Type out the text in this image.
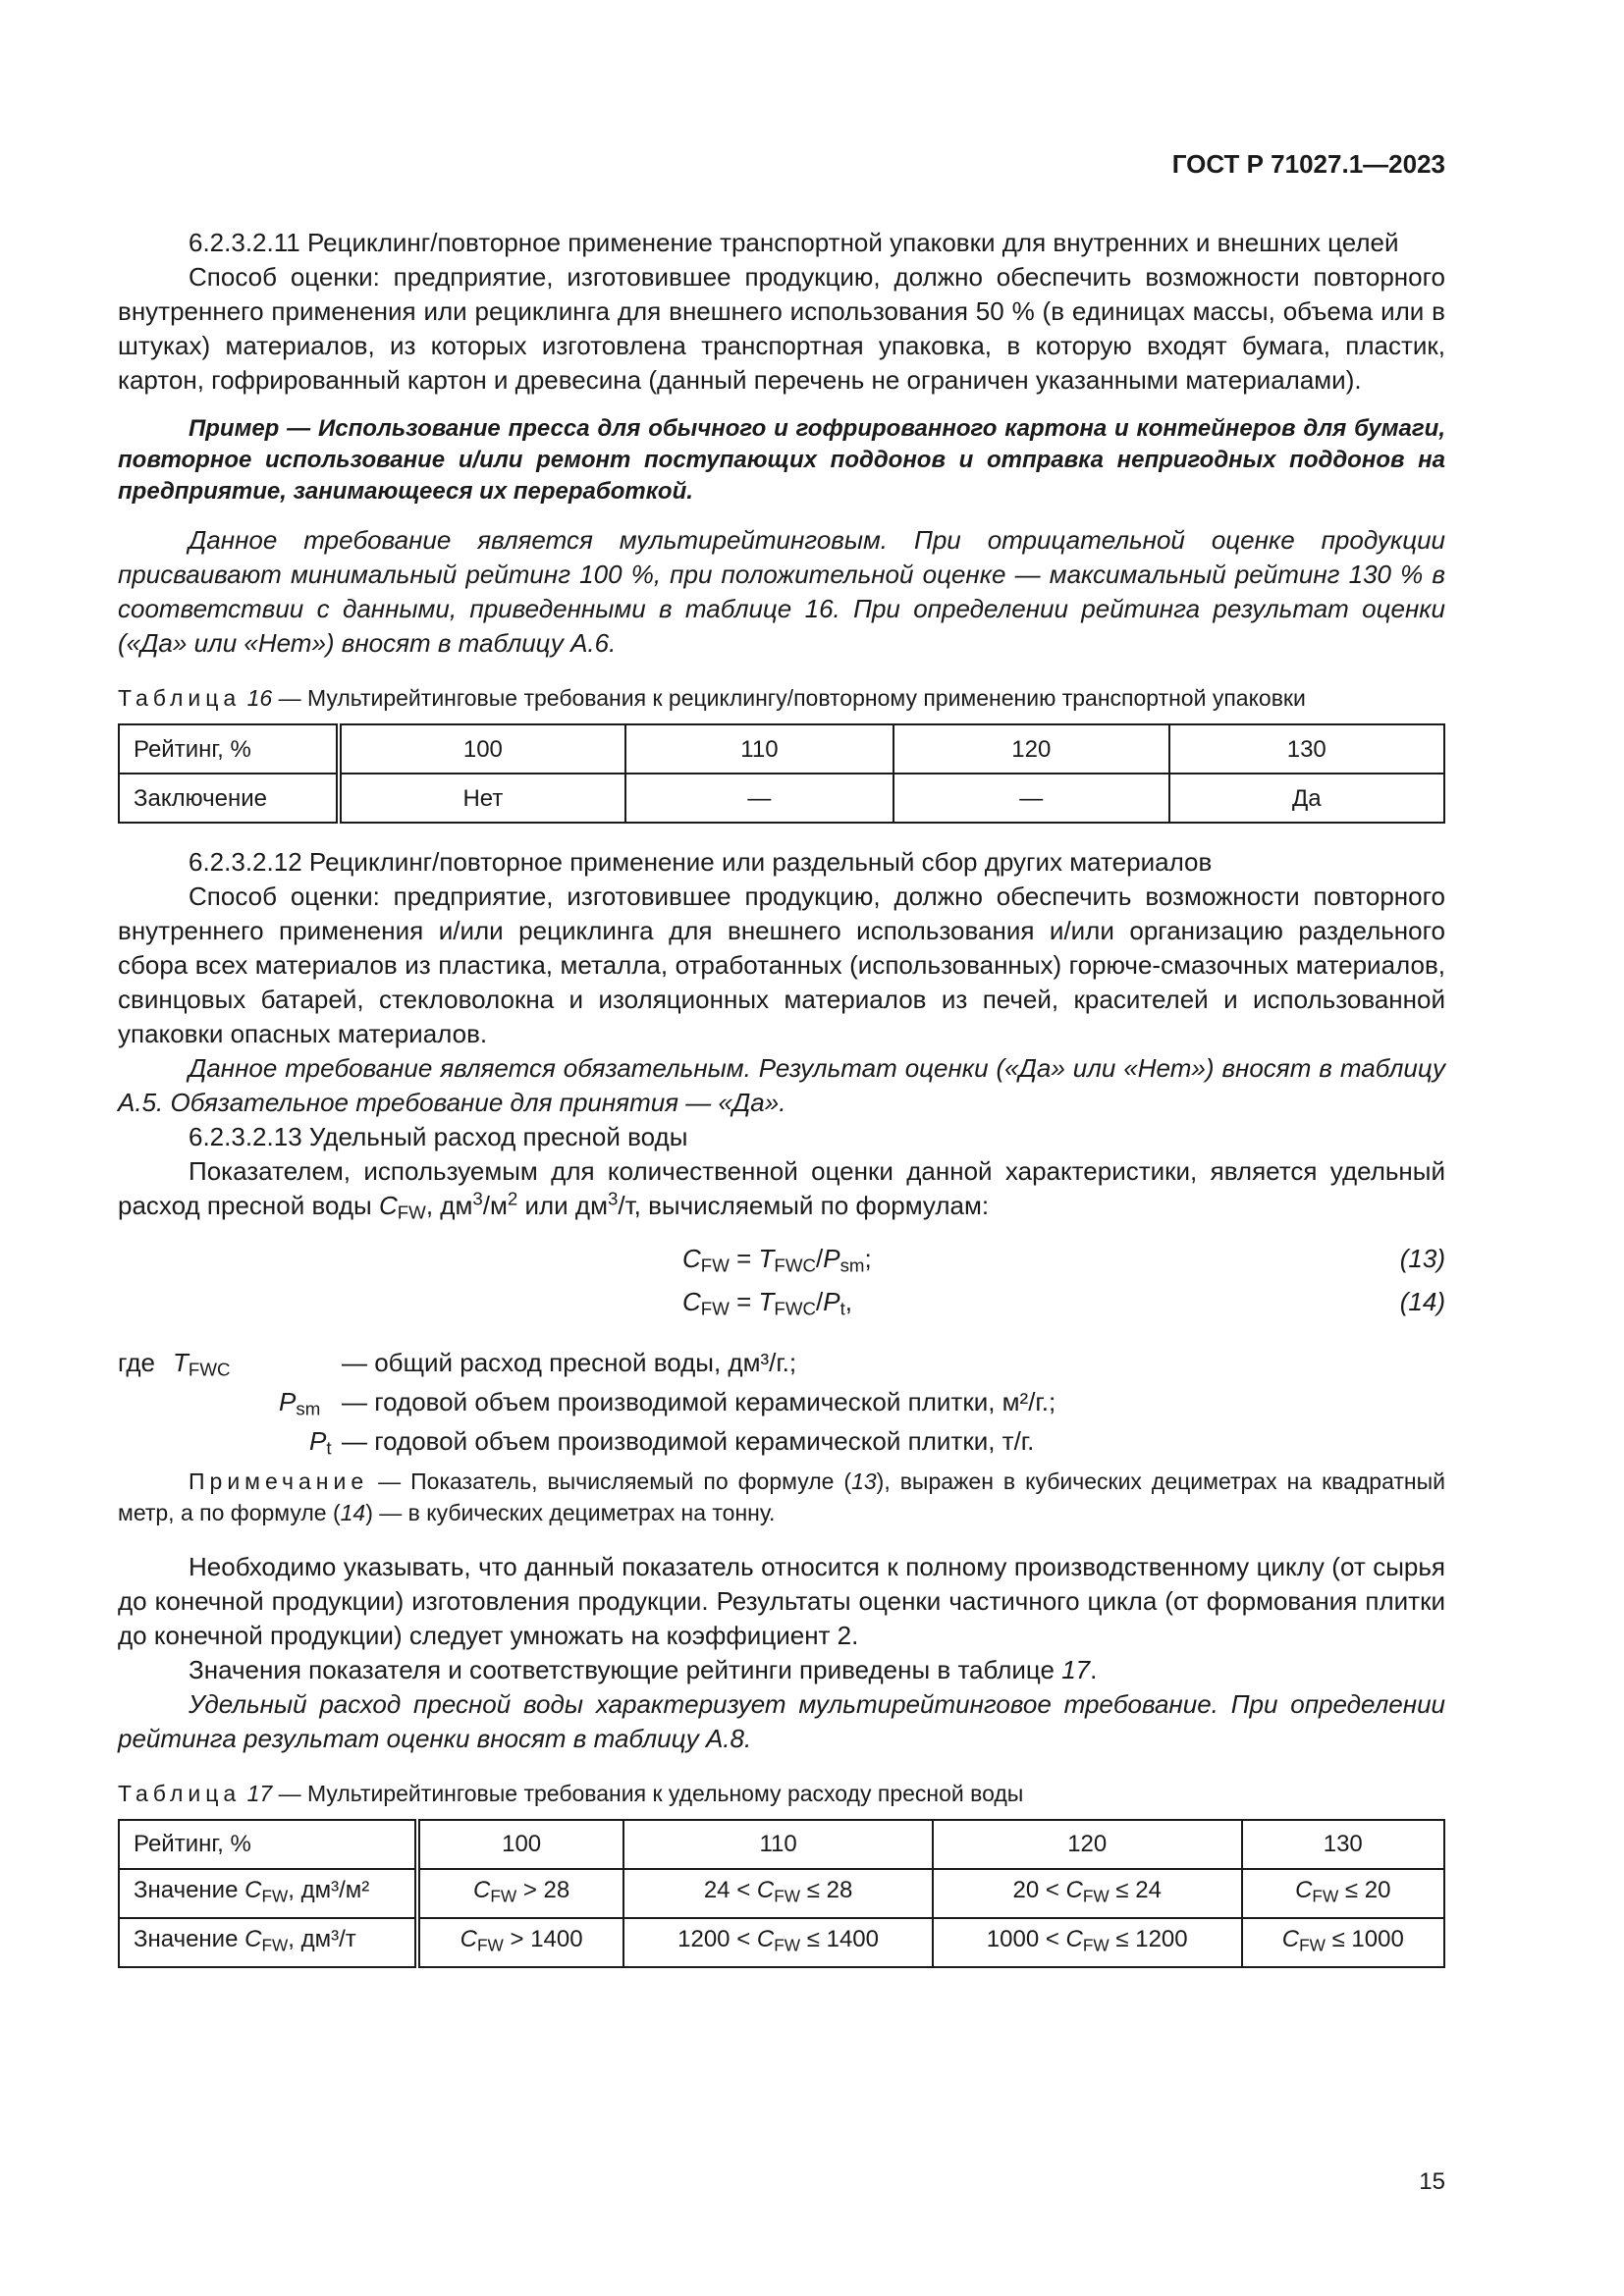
ГОСТ Р 71027.1—2023

6.2.3.2.11 Рециклинг/повторное применение транспортной упаковки для внутренних и внешних целей

Способ оценки: предприятие, изготовившее продукцию, должно обеспечить возможности повторного внутреннего применения или рециклинга для внешнего использования 50 % (в единицах массы, объема или в штуках) материалов, из которых изготовлена транспортная упаковка, в которую входят бумага, пластик, картон, гофрированный картон и древесина (данный перечень не ограничен указанными материалами).

Пример — Использование пресса для обычного и гофрированного картона и контейнеров для бумаги, повторное использование и/или ремонт поступающих поддонов и отправка непригодных поддонов на предприятие, занимающееся их переработкой.

Данное требование является мультирейтинговым. При отрицательной оценке продукции присваивают минимальный рейтинг 100 %, при положительной оценке — максимальный рейтинг 130 % в соответствии с данными, приведенными в таблице 16. При определении рейтинга результат оценки («Да» или «Нет») вносят в таблицу А.6.

Таблица 16 — Мультирейтинговые требования к рециклингу/повторному применению транспортной упаковки
Рейтинг, %	100	110	120	130
Заключение	Нет	—	—	Да

6.2.3.2.12 Рециклинг/повторное применение или раздельный сбор других материалов

Способ оценки: предприятие, изготовившее продукцию, должно обеспечить возможности повторного внутреннего применения и/или рециклинга для внешнего использования и/или организацию раздельного сбора всех материалов из пластика, металла, отработанных (использованных) горюче-смазочных материалов, свинцовых батарей, стекловолокна и изоляционных материалов из печей, красителей и использованной упаковки опасных материалов.

Данное требование является обязательным. Результат оценки («Да» или «Нет») вносят в таблицу А.5. Обязательное требование для принятия — «Да».

6.2.3.2.13 Удельный расход пресной воды

Показателем, используемым для количественной оценки данной характеристики, является удельный расход пресной воды $C_{FW}$, $дм^3/м^2$ или $дм^3/т$, вычисляемый по формулам:

$C_{FW} = T_{FWC}/P_{sm}$;	(13)
$C_{FW} = T_{FWC}/P_t$,	(14)
где $T_{FWC}$	— общий расход пресной воды, дм³/г.;
$P_{sm}$ — годовой объем производимой керамической плитки, м²/г.;
$P_t$ — годовой объем производимой керамической плитки, т/г.

Примечание — Показатель, вычисляемый по формуле (13), выражен в кубических дециметрах на квадратный метр, а по формуле (14) — в кубических дециметрах на тонну.

Необходимо указывать, что данный показатель относится к полному производственному циклу (от сырья до конечной продукции) изготовления продукции. Результаты оценки частичного цикла (от формования плитки до конечной продукции) следует умножать на коэффициент 2.

Значения показателя и соответствующие рейтинги приведены в таблице 17.

Удельный расход пресной воды характеризует мультирейтинговое требование. При определении рейтинга результат оценки вносят в таблицу А.8.

Таблица 17 — Мультирейтинговые требования к удельному расходу пресной воды
Рейтинг, %	100	110	120	130
Значение $C_{FW}$, дм³/м²	$C_{FW} > 28$	$24 < C_{FW} \le 28$	$20 < C_{FW} \le 24$	$C_{FW} \le 20$
Значение $C_{FW}$, дм³/т	$C_{FW} > 1400$	$1200 < C_{FW} \le 1400$	$1000 < C_{FW} \le 1200$	$C_{FW} \le 1000$
15
